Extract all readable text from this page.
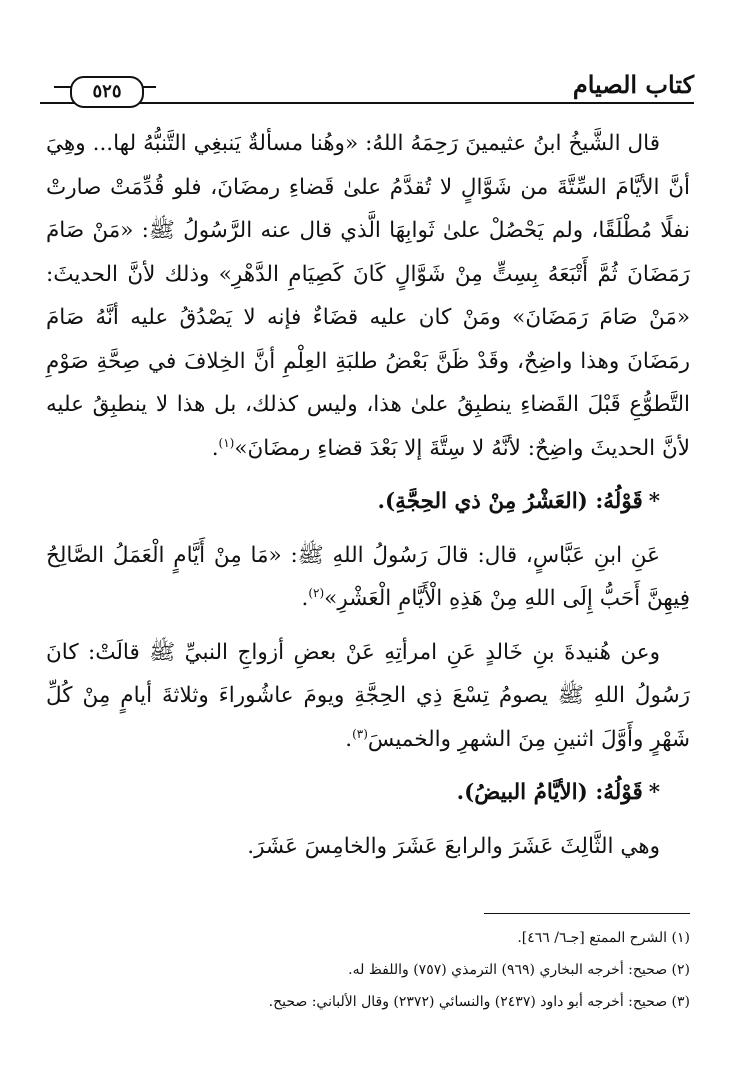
كتاب الصيام
٥٢٥

قال الشَّيخُ ابنُ عثيمينَ رَحِمَهُ اللهُ: «وهُنا مسألةٌ يَنبغِي التَّنبُّهُ لها... وهِيَ أنَّ الأيَّامَ السِّتَّةَ من شَوَّالٍ لا تُقدَّمُ علىٰ قَضاءِ رمضَانَ، فلو قُدِّمَتْ صارتْ نفلًا مُطْلَقًا، ولم يَحْصُلْ علىٰ ثَوابِهَا الَّذي قال عنه الرَّسُولُ ﷺ: «مَنْ صَامَ رَمَضَانَ ثُمَّ أَتْبَعَهُ بِسِتٍّ مِنْ شَوَّالٍ كَانَ كَصِيَامِ الدَّهْرِ» وذلك لأنَّ الحديثَ: «مَنْ صَامَ رَمَضَانَ» ومَنْ كان عليه قضَاءٌ فإنه لا يَصْدُقُ عليه أنَّهُ صَامَ رمَضَانَ وهذا واضِحٌ، وقَدْ ظَنَّ بَعْضُ طلبَةِ العِلْمِ أنَّ الخِلافَ في صِحَّةِ صَوْمِ التَّطوُّعِ قَبْلَ القَضاءِ ينطبِقُ علىٰ هذا، وليس كذلك، بل هذا لا ينطبِقُ عليه لأنَّ الحديثَ واضِحٌ: لأنَّهُ لا سِتَّةَ إلا بَعْدَ قضاءِ رمضَانَ»$^{(١)}$.

*قَوْلُهُ: (العَشْرُ مِنْ ذي الحِجَّةِ).

عَنِ ابنِ عَبَّاسٍ، قال: قالَ رَسُولُ اللهِ ﷺ: «مَا مِنْ أَيَّامٍ الْعَمَلُ الصَّالِحُ فِيهِنَّ أَحَبُّ إِلَى اللهِ مِنْ هَذِهِ الْأَيَّامِ الْعَشْرِ»$^{(٢)}$.

وعن هُنيدةَ بنِ خَالدٍ عَنِ امرأتِهِ عَنْ بعضِ أزواجِ النبيِّ ﷺ قالَتْ: كانَ رَسُولُ اللهِ ﷺ يصومُ تِسْعَ ذِي الحِجَّةِ ويومَ عاشُوراءَ وثلاثةَ أيامٍ مِنْ كُلِّ شَهْرٍ وأَوَّلَ اثنينِ مِنَ الشهرِ والخميسَ$^{(٣)}$.

*قَوْلُهُ: (الأيَّامُ البيضُ).

وهي الثَّالِثَ عَشَرَ والرابعَ عَشَرَ والخامِسَ عَشَرَ.

(١) الشرح الممتع [جـ٦/ ٤٦٦].
(٢) صحيح: أخرجه البخاري (٩٦٩) الترمذي (٧٥٧) واللفظ له.
(٣) صحيح: أخرجه أبو داود (٢٤٣٧) والنسائي (٢٣٧٢) وقال الألباني: صحيح.
